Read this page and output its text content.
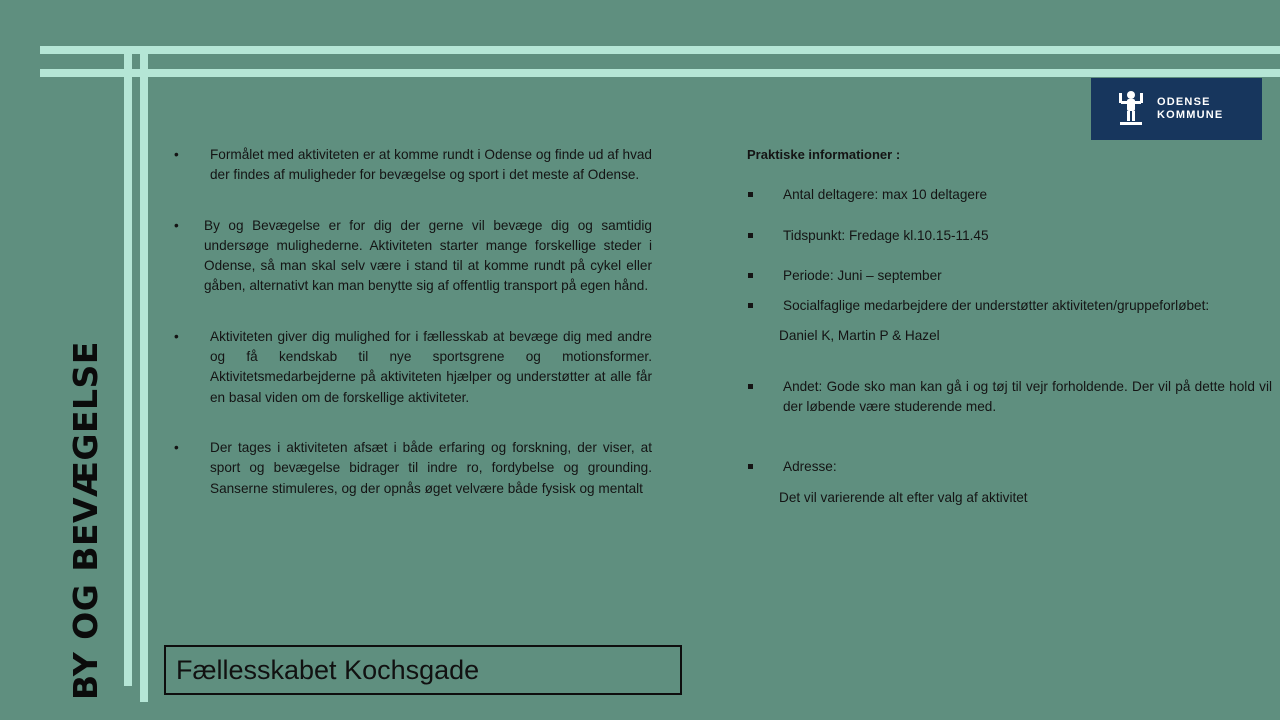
ODENSE
KOMMUNE
BY OG BEVÆGELSE
• Formålet med aktiviteten er at komme rundt i Odense og finde ud af hvad der findes af muligheder for bevægelse og sport i det meste af Odense.
• By og Bevægelse er for dig der gerne vil bevæge dig og samtidig undersøge mulighederne. Aktiviteten starter mange forskellige steder i Odense, så man skal selv være i stand til at komme rundt på cykel eller gåben, alternativt kan man benytte sig af offentlig transport på egen hånd.
• Aktiviteten giver dig mulighed for i fællesskab at bevæge dig med andre og få kendskab til nye sportsgrene og motionsformer. Aktivitetsmedarbejderne på aktiviteten hjælper og understøtter at alle får en basal viden om de forskellige aktiviteter.
• Der tages i aktiviteten afsæt i både erfaring og forskning, der viser, at sport og bevægelse bidrager til indre ro, fordybelse og grounding. Sanserne stimuleres, og der opnås øget velvære både fysisk og mentalt
Praktiske informationer :
Antal deltagere: max 10 deltagere
Tidspunkt: Fredage kl.10.15-11.45
Periode: Juni – september
Socialfaglige medarbejdere der understøtter aktiviteten/gruppeforløbet:
Daniel K, Martin P & Hazel
Andet: Gode sko man kan gå i og tøj til vejr forholdende. Der vil på dette hold vil der løbende være studerende med.
Adresse:
Det vil varierende alt efter valg af aktivitet
Fællesskabet Kochsgade
